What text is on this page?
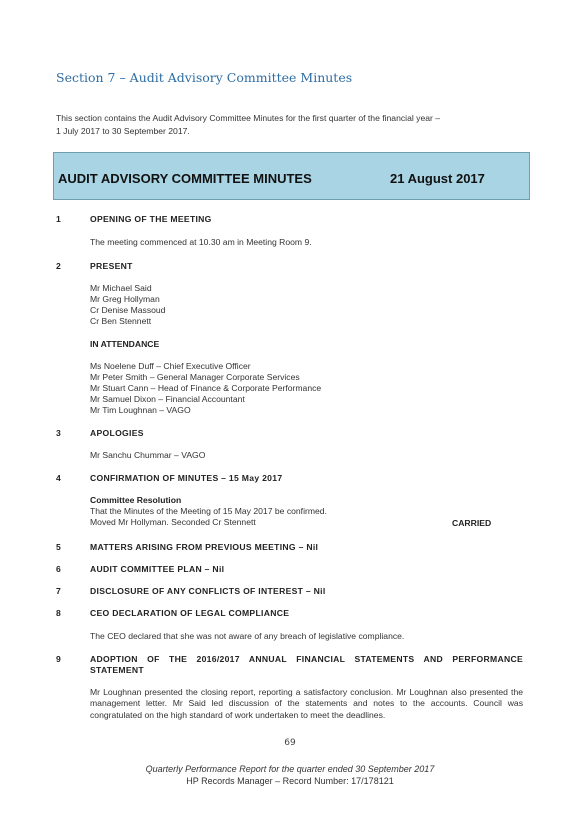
Section 7 – Audit Advisory Committee Minutes
This section contains the Audit Advisory Committee Minutes for the first quarter of the financial year –
1 July 2017 to 30 September 2017.
AUDIT ADVISORY COMMITTEE MINUTES	21 August 2017
1	OPENING OF THE MEETING
The meeting commenced at 10.30 am in Meeting Room 9.
2	PRESENT
Mr Michael Said
Mr Greg Hollyman
Cr Denise Massoud
Cr Ben Stennett
IN ATTENDANCE
Ms Noelene Duff – Chief Executive Officer
Mr Peter Smith – General Manager Corporate Services
Mr Stuart Cann – Head of Finance & Corporate Performance
Mr Samuel Dixon – Financial Accountant
Mr Tim Loughnan – VAGO
3	APOLOGIES
Mr Sanchu Chummar – VAGO
4	CONFIRMATION OF MINUTES – 15 May 2017
Committee Resolution
That the Minutes of the Meeting of 15 May 2017 be confirmed.
Moved Mr Hollyman. Seconded Cr Stennett	CARRIED
5	MATTERS ARISING FROM PREVIOUS MEETING – Nil
6	AUDIT COMMITTEE PLAN – Nil
7	DISCLOSURE OF ANY CONFLICTS OF INTEREST – Nil
8	CEO DECLARATION OF LEGAL COMPLIANCE
The CEO declared that she was not aware of any breach of legislative compliance.
9	ADOPTION OF THE 2016/2017 ANNUAL FINANCIAL STATEMENTS AND PERFORMANCE STATEMENT
Mr Loughnan presented the closing report, reporting a satisfactory conclusion. Mr Loughnan also presented the management letter. Mr Said led discussion of the statements and notes to the accounts. Council was congratulated on the high standard of work undertaken to meet the deadlines.
69
Quarterly Performance Report for the quarter ended 30 September 2017
HP Records Manager – Record Number: 17/178121
